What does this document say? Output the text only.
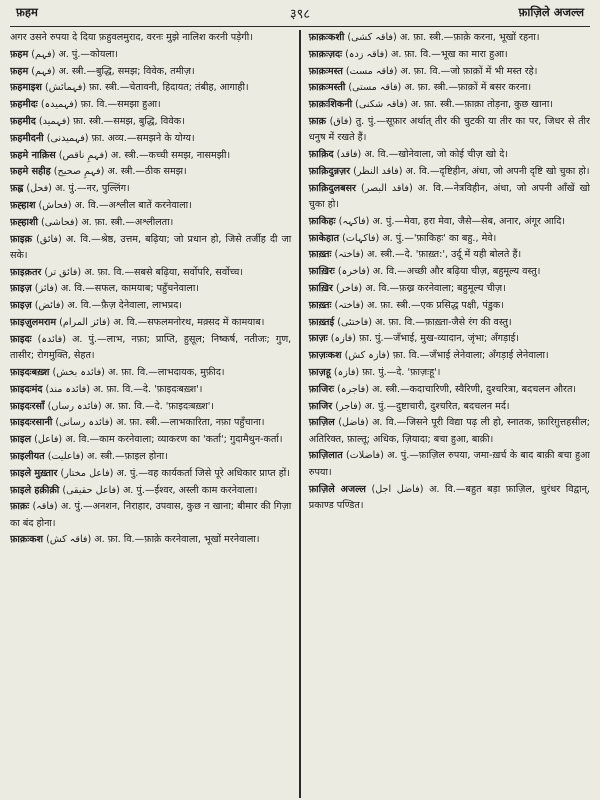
फ़हम	३९८	फ़ाज़िले अजल्ल
अगर उसने रुपया दे दिया फ़हुवलमुराद, वरनः मुझे नालिश करनी पड़ेगी।
फ़हम (فہم) अ. पुं.—कोयला।
फ़हम (فہم) अ. स्त्री.—बुद्धि, समझ; विवेक, तमीज़।
फ़हमाइश (فہمائش) फ़ा. स्त्री.—चेतावनी, हिदायत; तंबीह, आगाही।
फ़हमीदः (فہمیدہ) फ़ा. वि.—समझा हुआ।
फ़हमीद (فہمید) फ़ा. स्त्री.—समझ, बुद्धि, विवेक।
फ़हमीदनी (فہمیدنی) फ़ा. अव्य.—समझने के योग्य।
फ़हमे नाक़िस (فہمِ ناقص) अ. स्त्री.—कच्ची समझ, नासमझी।
फ़हमे सहीह (فہمِ صحیح) अ. स्त्री.—ठीक समझ।
फ़ह्ल (فحل) अ. पुं.—नर, पुल्लिंग।
फ़ह्हाश (فحاش) अ. वि.—अश्लील बातें करनेवाला।
फ़ह्हाशी (فحاشی) अ. फ़ा. स्त्री.—अश्लीलता।
फ़ाइक़ (فائق) अ. वि.—श्रेष्ठ, उत्तम, बढ़िया; जो प्रधान हो, जिसे तर्जीह दी जा सके।
फ़ाइक़तर (فائق تر) अ. फ़ा. वि.—सबसे बढ़िया, सर्वोपरि, सर्वोच्च।
फ़ाइज़ (فائز) अ. वि.—सफल, कामयाब; पहुँचनेवाला।
फ़ाइज़ (فائض) अ. वि.—फ़ैज़ देनेवाला, लाभप्रद।
फ़ाइज़ुलमराम (فائز المرام) अ. वि.—सफलमनोरथ, मक़्सद में कामयाब।
फ़ाइदः (فائدہ) अ. पुं.—लाभ, नफ़ा; प्राप्ति, हुसूल; निष्कर्ष, नतीजः; गुण, तासीर; रोगमुक्ति, सेहत।
फ़ाइदःबख़्श (فائدہ بخش) अ. फ़ा. वि.—लाभदायक, मुफ़ीद।
फ़ाइदःमंद (فائدہ مند) अ. फ़ा. वि.—दे. 'फ़ाइदःबख़्श'।
फ़ाइदःरसाँ (فائدہ رساں) अ. फ़ा. वि.—दे. 'फ़ाइदःबख़्श'।
फ़ाइदःरसानी (فائدہ رسانی) अ. फ़ा. स्त्री.—लाभकारिता, नफ़ा पहुँचाना।
फ़ाइल (فاعل) अ. वि.—काम करनेवाला; व्याकरण का 'कर्ता'; गुदामैथुन-कर्ता।
फ़ाइलीयत (فاعلیت) अ. स्त्री.—फ़ाइल होना।
फ़ाइले मुख़्तार (فاعل مختار) अ. पुं.—वह कार्यकर्ता जिसे पूरे अधिकार प्राप्त हों।
फ़ाइले हक़ीक़ी (فاعل حقیقی) अ. पुं.—ईश्वर, अस्ली काम करनेवाला।
फ़ाक़ः (فاقہ) अ. पुं.—अनशन, निराहार, उपवास, कुछ न खाना; बीमार की गिज़ा का बंद होना।
फ़ाक़ःकश (فاقہ کش) अ. फ़ा. वि.—फ़ाक़े करनेवाला, भूखों मरनेवाला।
फ़ाक़ःकशी (فاقہ کشی) अ. फ़ा. स्त्री.—फ़ाक़े करना, भूखों रहना।
फ़ाक़ःज़दः (فاقہ زدہ) अ. फ़ा. वि.—भूख का मारा हुआ।
फ़ाक़ःमस्त (فاقہ مست) अ. फ़ा. वि.—जो फ़ाक़ों में भी मस्त रहे।
फ़ाक़ःमस्ती (فاقہ مستی) अ. फ़ा. स्त्री.—फ़ाक़ों में बसर करना।
फ़ाक़ःशिकनी (فاقہ شکنی) अ. फ़ा. स्त्री.—फ़ाक़ा तोड़ना, कुछ खाना।
फ़ाक़ (فاق) तु. पुं.—सूफ़ार अर्थात् तीर की चुटकी या तीर का पर, जिधर से तीर धनुष में रखते हैं।
फ़ाक़िद (فاقد) अ. वि.—खोनेवाला, जो कोई चीज़ खो दे।
फ़ाक़िदुन्नज़र (فاقد النظر) अ. वि.—दृष्टिहीन, अंधा, जो अपनी दृष्टि खो चुका हो।
फ़ाक़िदुलबसर (فاقد البصر) अ. वि.—नेत्रविहीन, अंधा, जो अपनी आँखें खो चुका हो।
फ़ाकिहः (فاکہہ) अ. पुं.—मेवा, हरा मेवा, जैसे—सेब, अनार, अंगूर आदि।
फ़ाकेहात (فاکہات) अ. पुं.—'फ़ाकिहः' का बहु., मेवे।
फ़ाख़्तः (فاختہ) अ. स्त्री.—दे. 'फ़ाख़्त:', उर्दू में यही बोलते हैं।
फ़ाख़िरः (فاخرہ) अ. वि.—अच्छी और बढ़िया चीज़, बहुमूल्य वस्तु।
फ़ाख़िर (فاخر) अ. वि.—फ़ख्र करनेवाला; बहुमूल्य चीज़।
फ़ाख़्तः (فاختہ) अ. फ़ा. स्त्री.—एक प्रसिद्ध पक्षी, पंडुक।
फ़ाख़्तई (فاختئی) अ. फ़ा. वि.—फ़ाख़्ता-जैसे रंग की वस्तु।
फ़ाज़ः (فازہ) फ़ा. पुं.—जँभाई, मुख-व्यादान, जृंभा; अँगड़ाई।
फ़ाज़ःकश (فازہ کش) फ़ा. वि.—जँभाई लेनेवाला; अँगड़ाई लेनेवाला।
फ़ाज़हू (فازہ) फ़ा. पुं.—दे. 'फ़ाज़ःहू'।
फ़ाजिरः (فاجرہ) अ. स्त्री.—कदाचारिणी, स्वैरिणी, दुश्चरित्रा, बदचलन औरत।
फ़ाजिर (فاجر) अ. पुं.—दुष्टाचारी, दुश्चरित, बदचलन मर्द।
फ़ाज़िल (فاضل) अ. वि.—जिसने पूरी विद्या पढ़ ली हो, स्नातक, फ़ारिग़ुत्तहसील; अतिरिक्त, फ़ाल्तू; अधिक, ज़ियादा; बचा हुआ, बाक़ी।
फ़ाज़िलात (فاضلات) अ. पुं.—फ़ाज़िल रुपया, जमा-ख़र्च के बाद बाक़ी बचा हुआ रुपया।
फ़ाज़िले अजल्ल (فاضل اجل) अ. वि.—बहुत बड़ा फ़ाज़िल, धुरंधर विद्वान्, प्रकाण्ड पण्डित।
